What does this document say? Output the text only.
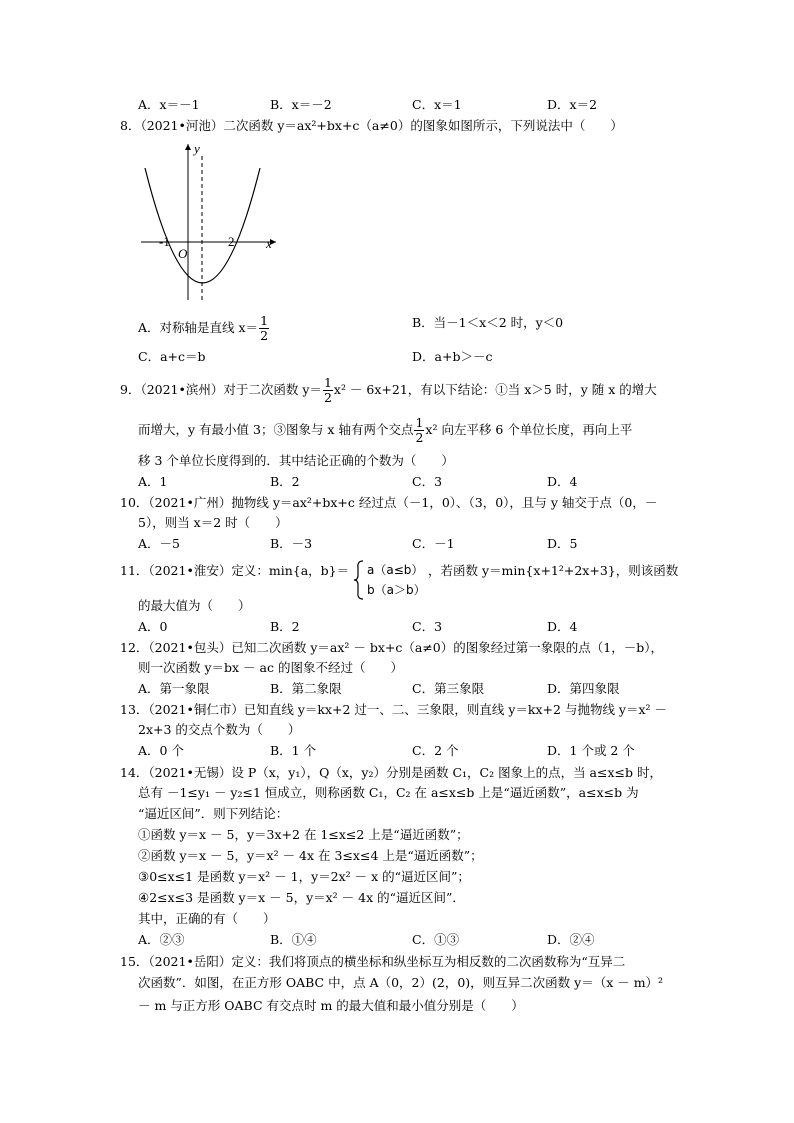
A．x＝－1	B．x＝－2	C．x＝1	D．x＝2
8．（2021•河池）二次函数 y＝ax²+bx+c（a≠0）的图象如图所示，下列说法中（　　）
y
x
O
-1	2
A．对称轴是直线 $x= \frac{1}{2}$	B．当－1＜x＜2 时，y＜0
C．a+c＝b	D．a+b＞－c
9．（2021•滨州）对于二次函数 $y= \frac{1}{2} x^2 - 6x+21$，有以下结论：①当 x＞5 时，y 随 x 的增大
而增大，y 有最小值 3；③图象与 x 轴有两个交点 $\frac{1}{2} x^2$ 向左平移 6 个单位长度，再向上平
移 3 个单位长度得到的．其中结论正确的个数为（　　）
A．1	B．2	C．3	D．4
10．（2021•广州）抛物线 y＝ax²+bx+c 经过点（－1，0）、（3，0），且与 y 轴交于点（0，－
5），则当 x＝2 时（　　）
A．－5	B．－3	C．－1	D．5
11．（2021•淮安）定义：min{a，b}＝ a（a≤b）
b（a＞b）
，若函数 y＝min{x+1²+2x+3}，则该函数
的最大值为（　　）
A．0	B．2	C．3	D．4
12．（2021•包头）已知二次函数 y＝ax² － bx+c（a≠0）的图象经过第一象限的点（1，－b），
则一次函数 y＝bx － ac 的图象不经过（　　）
A．第一象限	B．第二象限	C．第三象限	D．第四象限
13．（2021•铜仁市）已知直线 y＝kx+2 过一、二、三象限，则直线 y＝kx+2 与抛物线 y＝x² －
2x+3 的交点个数为（　　）
A．0 个	B．1 个	C．2 个	D．1 个或 2 个
14．（2021•无锡）设 P（x，y₁），Q（x，y₂）分别是函数 C₁，C₂ 图象上的点，当 a≤x≤b 时，
总有 －1≤y₁ － y₂≤1 恒成立，则称函数 C₁，C₂ 在 a≤x≤b 上是“逼近函数”，a≤x≤b 为
“逼近区间”．则下列结论：
①函数 y＝x － 5，y＝3x+2 在 1≤x≤2 上是“逼近函数”；
②函数 y＝x － 5，y＝x² － 4x 在 3≤x≤4 上是“逼近函数”；
③0≤x≤1 是函数 y＝x² － 1，y＝2x² － x 的“逼近区间”；
④2≤x≤3 是函数 y＝x － 5，y＝x² － 4x 的“逼近区间”．
其中，正确的有（　　）
A．②③	B．①④	C．①③	D．②④
15．（2021•岳阳）定义：我们将顶点的横坐标和纵坐标互为相反数的二次函数称为“互异二
次函数”．如图，在正方形 OABC 中，点 A（0，2）(2，0)，则互异二次函数 y＝（x － m）²
－ m 与正方形 OABC 有交点时 m 的最大值和最小值分别是（　　）
